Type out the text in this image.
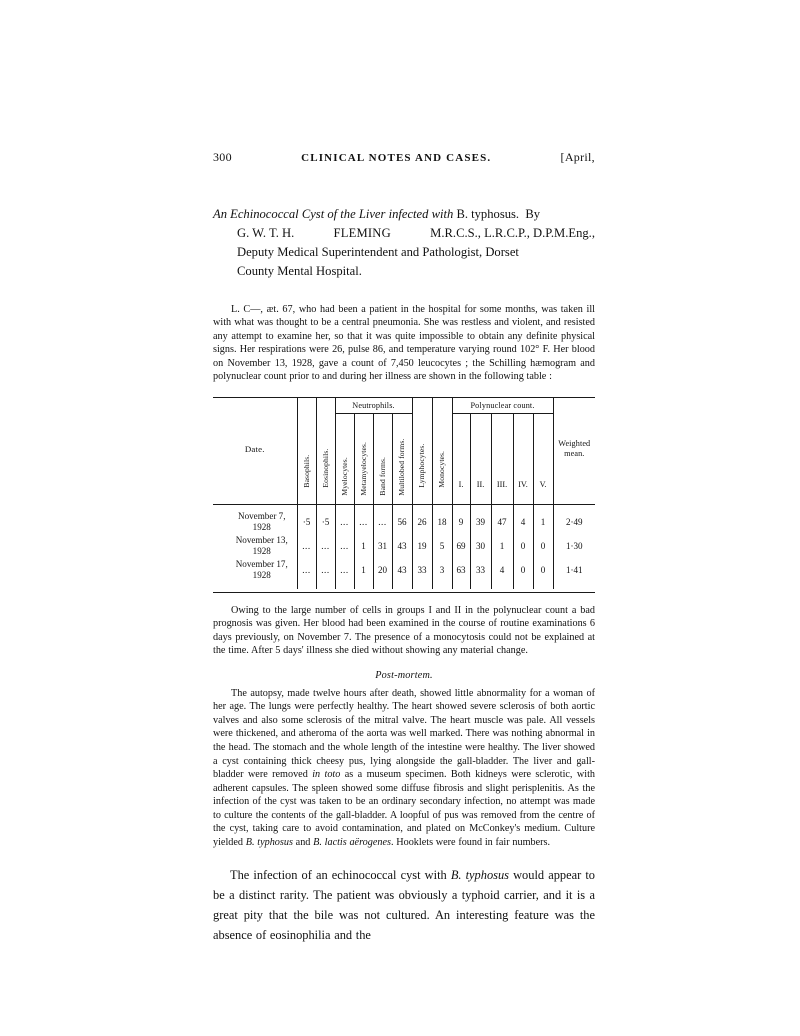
300	CLINICAL NOTES AND CASES.	[April,
An Echinococcal Cyst of the Liver infected with B. typhosus. By
G. W. T. H.	FLEMING	M.R.C.S., L.R.C.P., D.P.M.Eng.,
Deputy Medical Superintendent and Pathologist, Dorset
County Mental Hospital.

L. C—, æt. 67, who had been a patient in the hospital for some months, was taken ill with what was thought to be a central pneumonia. She was restless and violent, and resisted any attempt to examine her, so that it was quite impossible to obtain any definite physical signs. Her respirations were 26, pulse 86, and temperature varying round 102° F. Her blood on November 13, 1928, gave a count of 7,450 leucocytes ; the Schilling hæmogram and polynuclear count prior to and during her illness are shown in the following table :

Date.	Basophils.	Eosinophils.	Neutrophils.				Lymphocytes.	Monocytes.	Polynuclear count.					Weighted
mean.

			Myelocytes.	Metamyelocytes.	Band forms.	Multilobed forms.								

									I.	II.	III.	IV.	V.	

November 7,
1928	·5	·5	...	...	...	56	26	18	9	39	47	4	1	2·49
November 13,
1928	...	...	...	1	31	43	19	5	69	30	1	0	0	1·30
November 17,
1928	...	...	...	1	20	43	33	3	63	33	4	0	0	1·41

Owing to the large number of cells in groups I and II in the polynuclear count a bad prognosis was given. Her blood had been examined in the course of routine examinations 6 days previously, on November 7. The presence of a monocytosis could not be explained at the time. After 5 days' illness she died without showing any material change.

Post-mortem.

The autopsy, made twelve hours after death, showed little abnormality for a woman of her age. The lungs were perfectly healthy. The heart showed severe sclerosis of both aortic valves and also some sclerosis of the mitral valve. The heart muscle was pale. All vessels were thickened, and atheroma of the aorta was well marked. There was nothing abnormal in the head. The stomach and the whole length of the intestine were healthy. The liver showed a cyst containing thick cheesy pus, lying alongside the gall-bladder. The liver and gall-bladder were removed in toto as a museum specimen. Both kidneys were sclerotic, with adherent capsules. The spleen showed some diffuse fibrosis and slight perisplenitis. As the infection of the cyst was taken to be an ordinary secondary infection, no attempt was made to culture the contents of the gall-bladder. A loopful of pus was removed from the centre of the cyst, taking care to avoid contamination, and plated on McConkey's medium. Culture yielded B. typhosus and B. lactis aërogenes. Hooklets were found in fair numbers.

The infection of an echinococcal cyst with B. typhosus would appear to be a distinct rarity. The patient was obviously a typhoid carrier, and it is a great pity that the bile was not cultured. An interesting feature was the absence of eosinophilia and the
